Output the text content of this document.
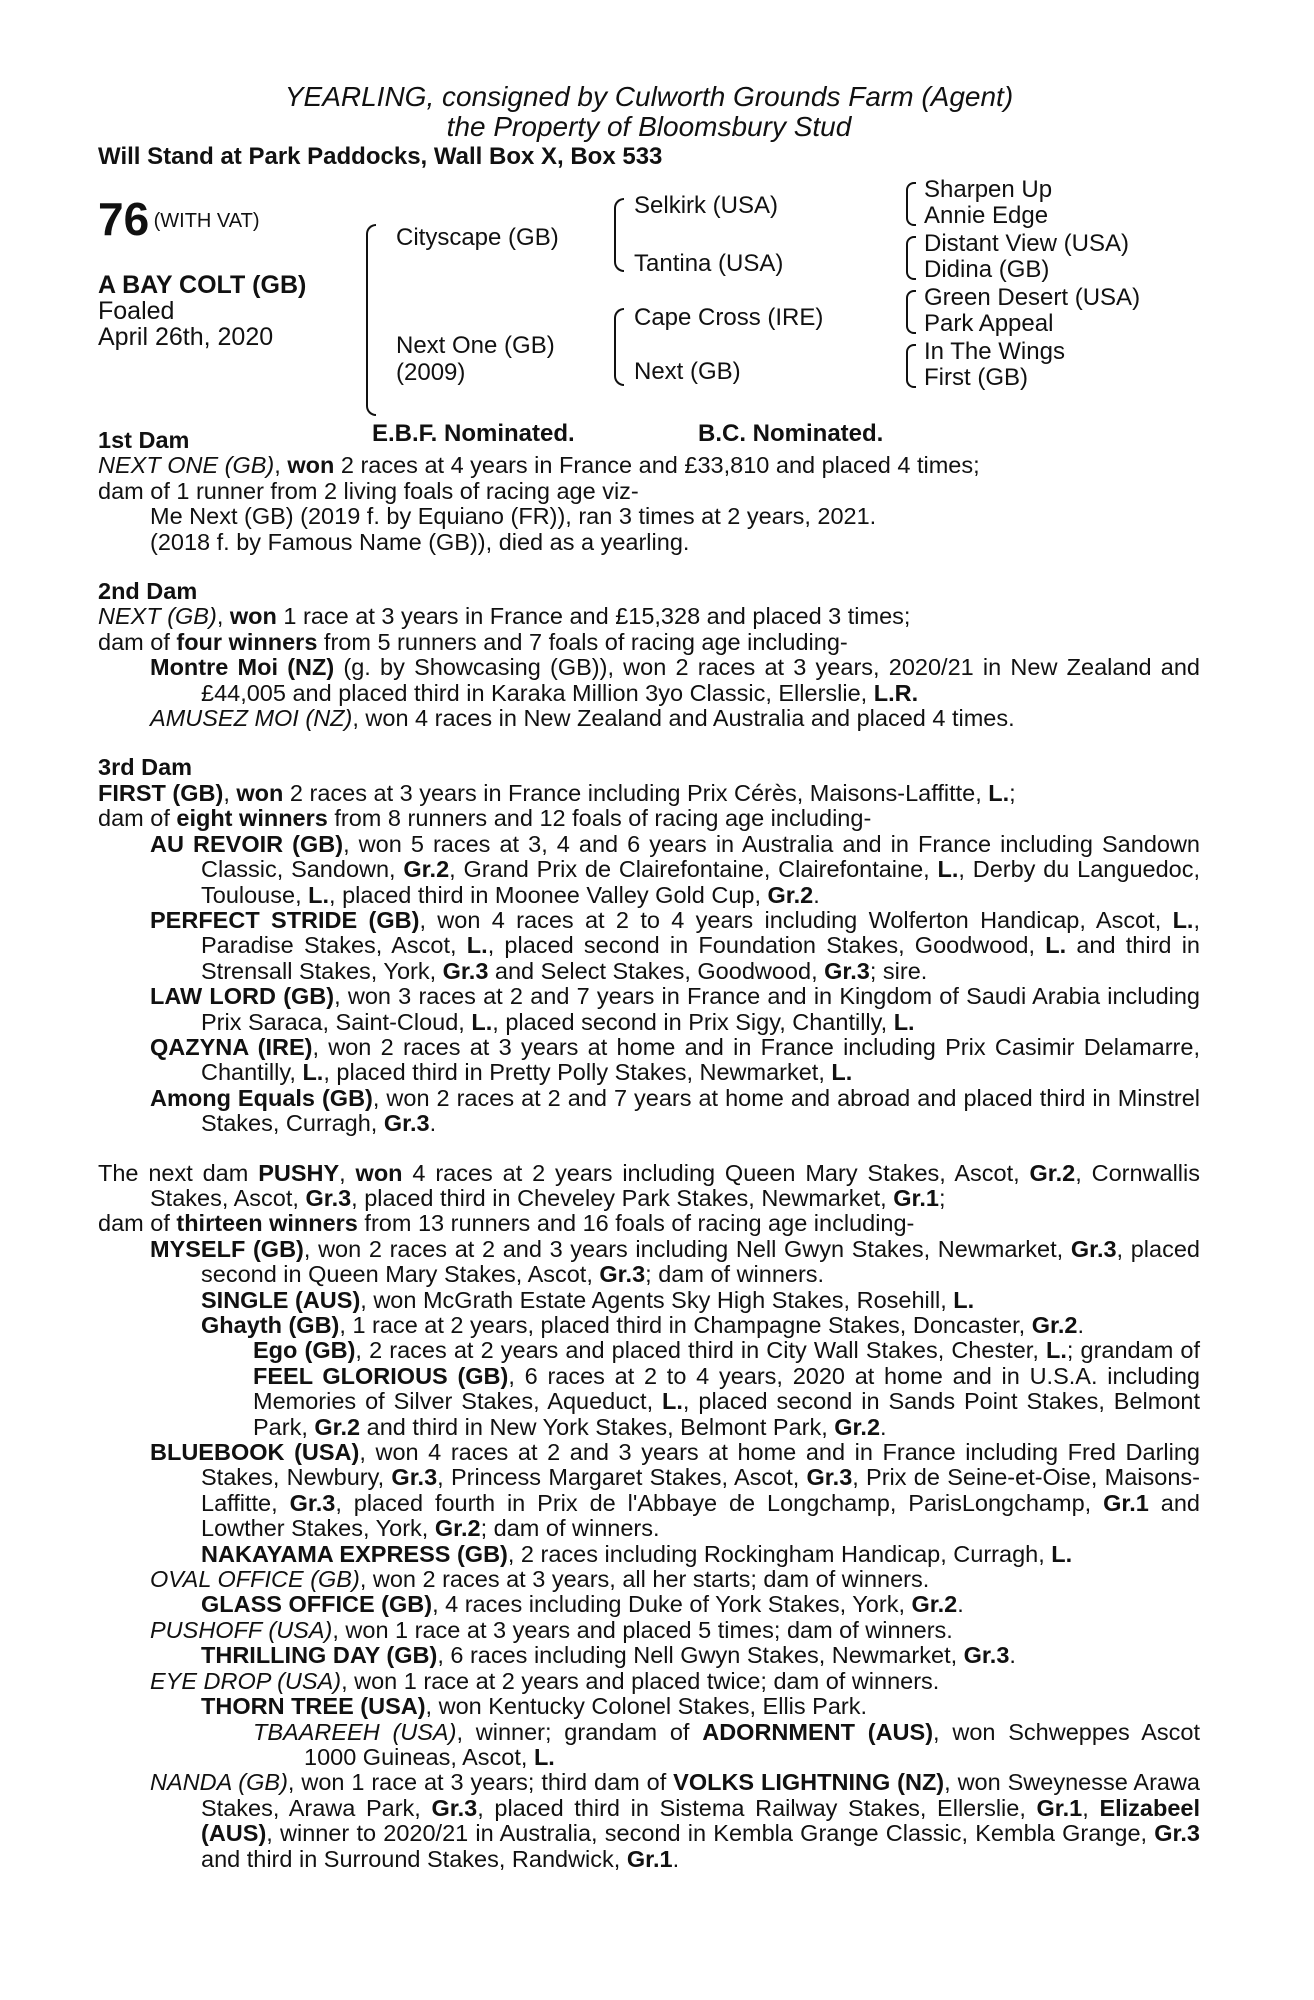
YEARLING, consigned by Culworth Grounds Farm (Agent)
the Property of Bloomsbury Stud
Will Stand at Park Paddocks, Wall Box X, Box 533
76 (WITH VAT)
A BAY COLT (GB)
Foaled
April 26th, 2020
Cityscape (GB)
Next One (GB)
(2009)
Selkirk (USA)
Tantina (USA)
Cape Cross (IRE)
Next (GB)
Sharpen Up
Annie Edge
Distant View (USA)
Didina (GB)
Green Desert (USA)
Park Appeal
In The Wings
First (GB)
E.B.F. Nominated.	B.C. Nominated.
1st Dam

NEXT ONE (GB), won 2 races at 4 years in France and £33,810 and placed 4 times;

dam of 1 runner from 2 living foals of racing age viz-

Me Next (GB) (2019 f. by Equiano (FR)), ran 3 times at 2 years, 2021.

(2018 f. by Famous Name (GB)), died as a yearling.

2nd Dam

NEXT (GB), won 1 race at 3 years in France and £15,328 and placed 3 times;

dam of four winners from 5 runners and 7 foals of racing age including-

Montre Moi (NZ) (g. by Showcasing (GB)), won 2 races at 3 years, 2020/21 in New Zealand and £44,005 and placed third in Karaka Million 3yo Classic, Ellerslie, L.R.

AMUSEZ MOI (NZ), won 4 races in New Zealand and Australia and placed 4 times.

3rd Dam

FIRST (GB), won 2 races at 3 years in France including Prix Cérès, Maisons-Laffitte, L.;

dam of eight winners from 8 runners and 12 foals of racing age including-

AU REVOIR (GB), won 5 races at 3, 4 and 6 years in Australia and in France including Sandown Classic, Sandown, Gr.2, Grand Prix de Clairefontaine, Clairefontaine, L., Derby du Languedoc, Toulouse, L., placed third in Moonee Valley Gold Cup, Gr.2.

PERFECT STRIDE (GB), won 4 races at 2 to 4 years including Wolferton Handicap, Ascot, L., Paradise Stakes, Ascot, L., placed second in Foundation Stakes, Goodwood, L. and third in Strensall Stakes, York, Gr.3 and Select Stakes, Goodwood, Gr.3; sire.

LAW LORD (GB), won 3 races at 2 and 7 years in France and in Kingdom of Saudi Arabia including Prix Saraca, Saint-Cloud, L., placed second in Prix Sigy, Chantilly, L.

QAZYNA (IRE), won 2 races at 3 years at home and in France including Prix Casimir Delamarre, Chantilly, L., placed third in Pretty Polly Stakes, Newmarket, L.

Among Equals (GB), won 2 races at 2 and 7 years at home and abroad and placed third in Minstrel Stakes, Curragh, Gr.3.

The next dam PUSHY, won 4 races at 2 years including Queen Mary Stakes, Ascot, Gr.2, Cornwallis Stakes, Ascot, Gr.3, placed third in Cheveley Park Stakes, Newmarket, Gr.1;

dam of thirteen winners from 13 runners and 16 foals of racing age including-

MYSELF (GB), won 2 races at 2 and 3 years including Nell Gwyn Stakes, Newmarket, Gr.3, placed second in Queen Mary Stakes, Ascot, Gr.3; dam of winners.

SINGLE (AUS), won McGrath Estate Agents Sky High Stakes, Rosehill, L.

Ghayth (GB), 1 race at 2 years, placed third in Champagne Stakes, Doncaster, Gr.2.

Ego (GB), 2 races at 2 years and placed third in City Wall Stakes, Chester, L.; grandam of FEEL GLORIOUS (GB), 6 races at 2 to 4 years, 2020 at home and in U.S.A. including Memories of Silver Stakes, Aqueduct, L., placed second in Sands Point Stakes, Belmont Park, Gr.2 and third in New York Stakes, Belmont Park, Gr.2.

BLUEBOOK (USA), won 4 races at 2 and 3 years at home and in France including Fred Darling Stakes, Newbury, Gr.3, Princess Margaret Stakes, Ascot, Gr.3, Prix de Seine-et-Oise, Maisons-Laffitte, Gr.3, placed fourth in Prix de l'Abbaye de Longchamp, ParisLongchamp, Gr.1 and Lowther Stakes, York, Gr.2; dam of winners.

NAKAYAMA EXPRESS (GB), 2 races including Rockingham Handicap, Curragh, L.

OVAL OFFICE (GB), won 2 races at 3 years, all her starts; dam of winners.

GLASS OFFICE (GB), 4 races including Duke of York Stakes, York, Gr.2.

PUSHOFF (USA), won 1 race at 3 years and placed 5 times; dam of winners.

THRILLING DAY (GB), 6 races including Nell Gwyn Stakes, Newmarket, Gr.3.

EYE DROP (USA), won 1 race at 2 years and placed twice; dam of winners.

THORN TREE (USA), won Kentucky Colonel Stakes, Ellis Park.

TBAAREEH (USA), winner; grandam of ADORNMENT (AUS), won Schweppes Ascot 1000 Guineas, Ascot, L.

NANDA (GB), won 1 race at 3 years; third dam of VOLKS LIGHTNING (NZ), won Sweynesse Arawa Stakes, Arawa Park, Gr.3, placed third in Sistema Railway Stakes, Ellerslie, Gr.1, Elizabeel (AUS), winner to 2020/21 in Australia, second in Kembla Grange Classic, Kembla Grange, Gr.3 and third in Surround Stakes, Randwick, Gr.1.
